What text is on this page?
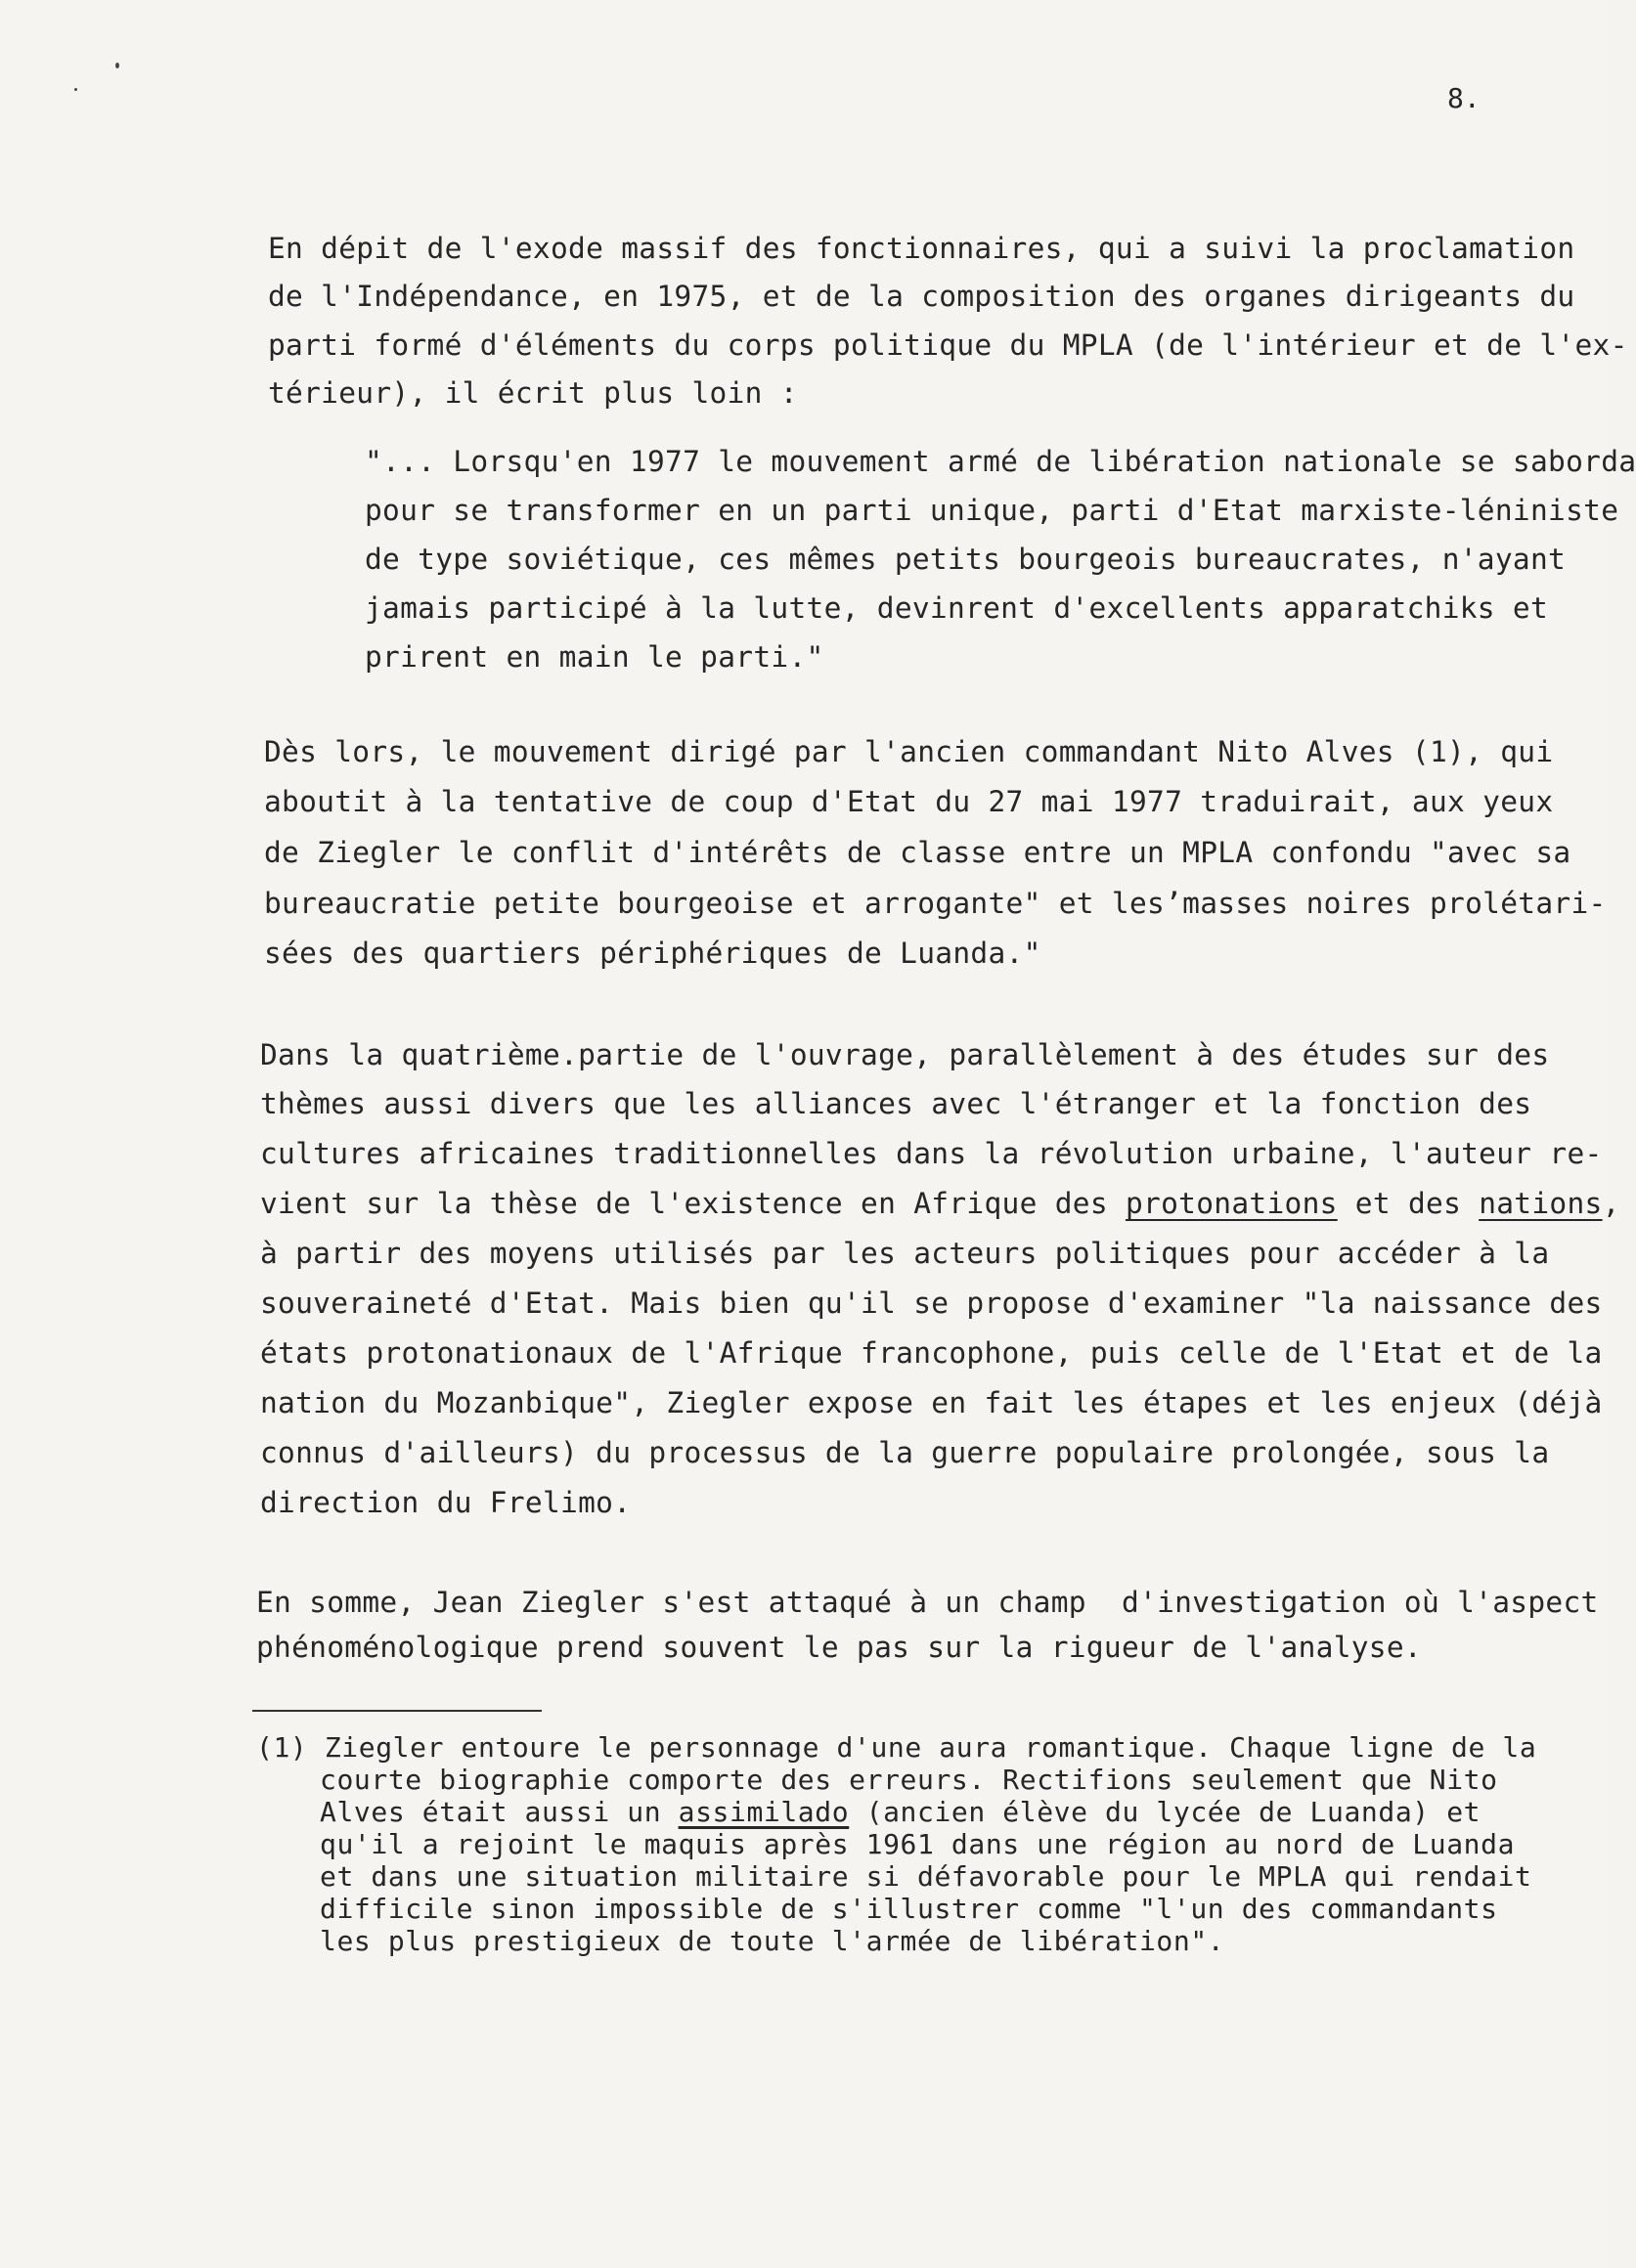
8.
En dépit de l'exode massif des fonctionnaires, qui a suivi la proclamation
de l'Indépendance, en 1975, et de la composition des organes dirigeants du
parti formé d'éléments du corps politique du MPLA (de l'intérieur et de l'ex-
térieur), il écrit plus loin :
"... Lorsqu'en 1977 le mouvement armé de libération nationale se saborda
pour se transformer en un parti unique, parti d'Etat marxiste-léniniste
de type soviétique, ces mêmes petits bourgeois bureaucrates, n'ayant
jamais participé à la lutte, devinrent d'excellents apparatchiks et
prirent en main le parti."
Dès lors, le mouvement dirigé par l'ancien commandant Nito Alves (1), qui
aboutit à la tentative de coup d'Etat du 27 mai 1977 traduirait, aux yeux
de Ziegler le conflit d'intérêts de classe entre un MPLA confondu "avec sa
bureaucratie petite bourgeoise et arrogante" et les’masses noires prolétari-
sées des quartiers périphériques de Luanda."
Dans la quatrième.partie de l'ouvrage, parallèlement à des études sur des
thèmes aussi divers que les alliances avec l'étranger et la fonction des
cultures africaines traditionnelles dans la révolution urbaine, l'auteur re-
vient sur la thèse de l'existence en Afrique des protonations et des nations,
à partir des moyens utilisés par les acteurs politiques pour accéder à la
souveraineté d'Etat. Mais bien qu'il se propose d'examiner "la naissance des
états protonationaux de l'Afrique francophone, puis celle de l'Etat et de la
nation du Mozanbique", Ziegler expose en fait les étapes et les enjeux (déjà
connus d'ailleurs) du processus de la guerre populaire prolongée, sous la
direction du Frelimo.
En somme, Jean Ziegler s'est attaqué à un champ  d'investigation où l'aspect
phénoménologique prend souvent le pas sur la rigueur de l'analyse.
(1) Ziegler entoure le personnage d'une aura romantique. Chaque ligne de la
courte biographie comporte des erreurs. Rectifions seulement que Nito
Alves était aussi un assimilado (ancien élève du lycée de Luanda) et
qu'il a rejoint le maquis après 1961 dans une région au nord de Luanda
et dans une situation militaire si défavorable pour le MPLA qui rendait
difficile sinon impossible de s'illustrer comme "l'un des commandants
les plus prestigieux de toute l'armée de libération".
